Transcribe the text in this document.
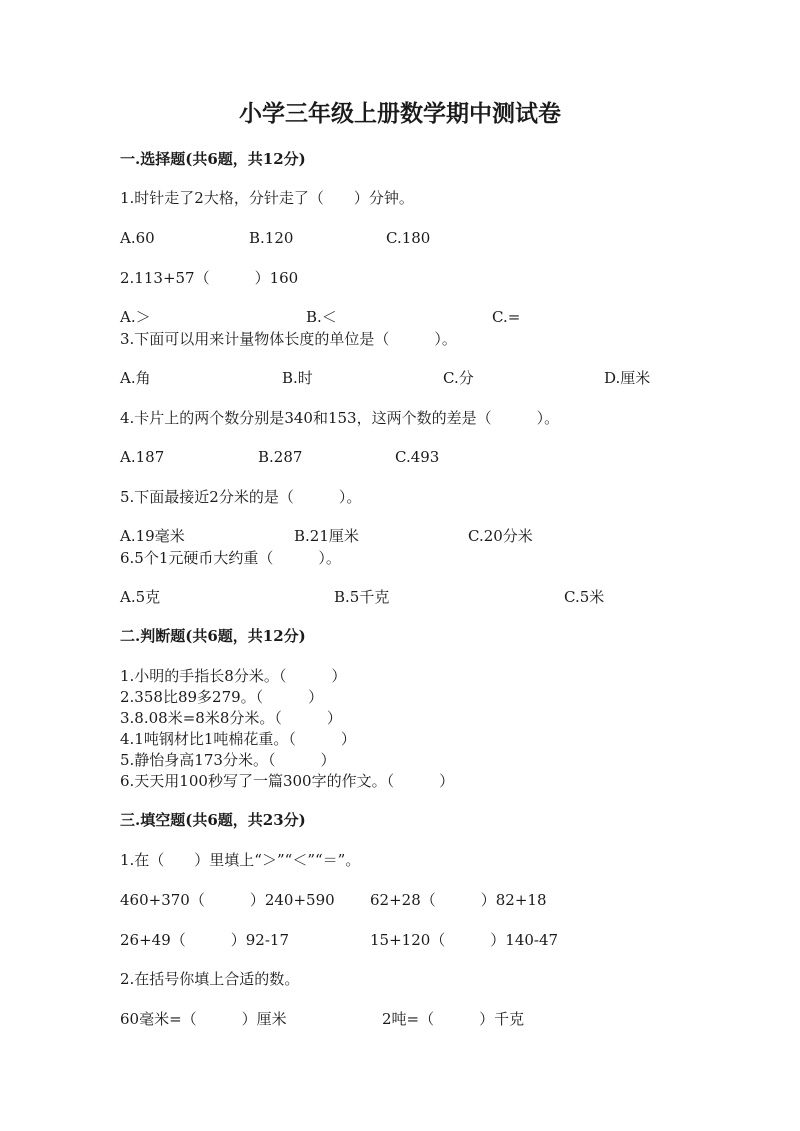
小学三年级上册数学期中测试卷
一.选择题(共6题，共12分)
1.时针走了2大格，分针走了（　　）分钟。
A.60	B.120	C.180
2.113+57（　　　）160
A.＞	B.＜	C.=
3.下面可以用来计量物体长度的单位是（　　　）。
A.角	B.时	C.分	D.厘米
4.卡片上的两个数分别是340和153，这两个数的差是（　　　）。
A.187	B.287	C.493
5.下面最接近2分米的是（　　　）。
A.19毫米	B.21厘米	C.20分米
6.5个1元硬币大约重（　　　）。
A.5克	B.5千克	C.5米
二.判断题(共6题，共12分)
1.小明的手指长8分米。（　　　）
2.358比89多279。（　　　）
3.8.08米=8米8分米。（　　　）
4.1吨钢材比1吨棉花重。（　　　）
5.静怡身高173分米。（　　　）
6.天天用100秒写了一篇300字的作文。（　　　）
三.填空题(共6题，共23分)
1.在（　　）里填上“＞”“＜”“＝”。
460+370（　　　）240+590 62+28（　　　）82+18
26+49（　　　）92-17	15+120（　　　）140-47
2.在括号你填上合适的数。
60毫米=（　　　）厘米	2吨=（　　　）千克
